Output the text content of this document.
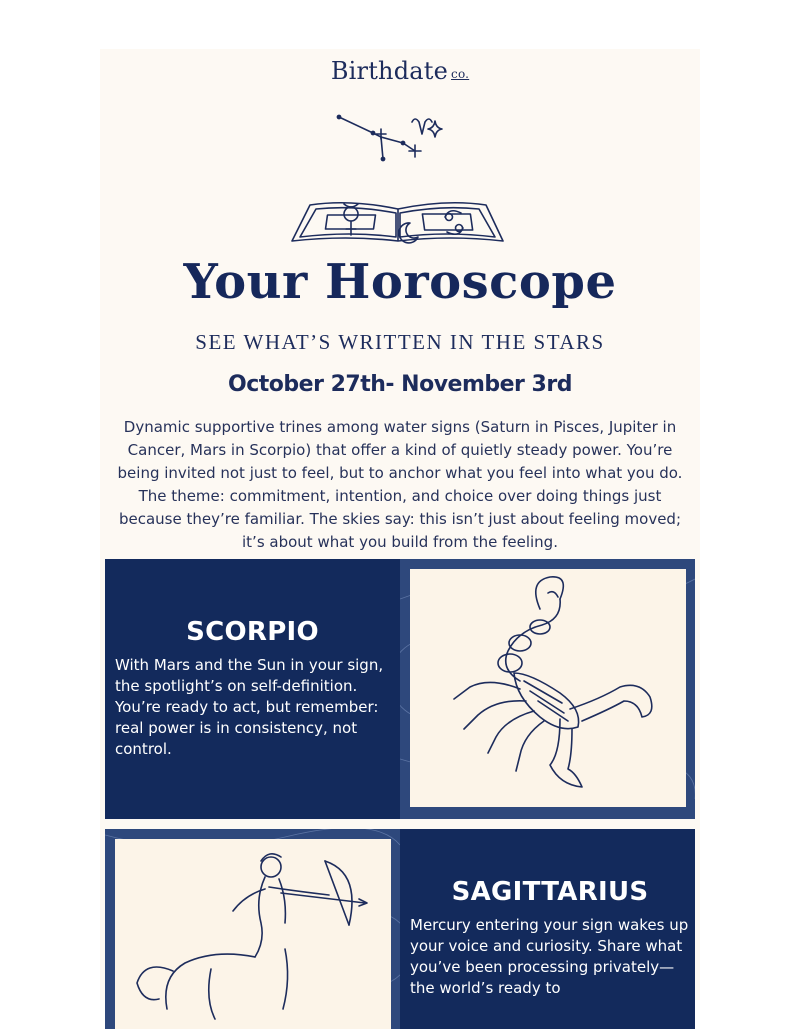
Birthdate co.
Your Horoscope
SEE WHAT’S WRITTEN IN THE STARS
October 27th- November 3rd
Dynamic supportive trines among water signs (Saturn in Pisces, Jupiter in Cancer, Mars in Scorpio) that offer a kind of quietly steady power. You’re being invited not just to feel, but to anchor what you feel into what you do. The theme: commitment, intention, and choice over doing things just because they’re familiar. The skies say: this isn’t just about feeling moved; it’s about what you build from the feeling.
SCORPIO
With Mars and the Sun in your sign, the spotlight’s on self-definition. You’re ready to act, but remember: real power is in consistency, not control.
SAGITTARIUS
Mercury entering your sign wakes up your voice and curiosity. Share what you’ve been processing privately—the world’s ready to
